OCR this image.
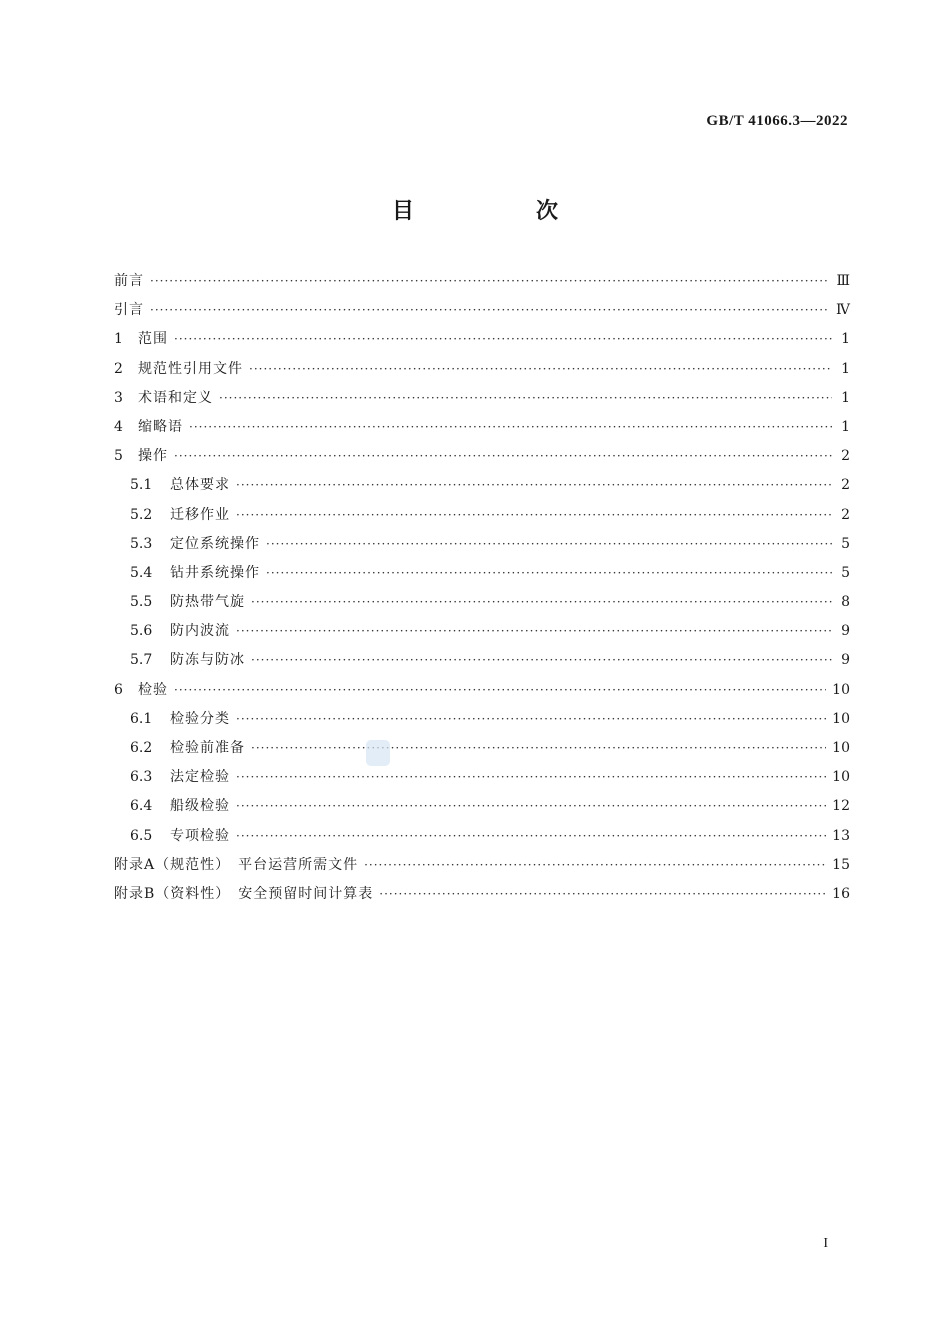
GB/T 41066.3—2022
目　次
前言 ·····	Ⅲ
引言 ·····	Ⅳ
1 范围 ·····	1
2 规范性引用文件 ·····	1
3 术语和定义 ·····	1
4 缩略语 ·····	1
5 操作 ·····	2
5.1 总体要求 ·····	2
5.2 迁移作业 ·····	2
5.3 定位系统操作 ·····	5
5.4 钻井系统操作 ·····	5
5.5 防热带气旋 ·····	8
5.6 防内波流 ·····	9
5.7 防冻与防冰 ·····	9
6 检验 ·····	10
6.1 检验分类 ·····	10
6.2 检验前准备 ·····	10
6.3 法定检验 ·····	10
6.4 船级检验 ·····	12
6.5 专项检验 ·····	13
附录A（规范性）　平台运营所需文件 ·····	15
附录B（资料性）　安全预留时间计算表 ·····	16
I
